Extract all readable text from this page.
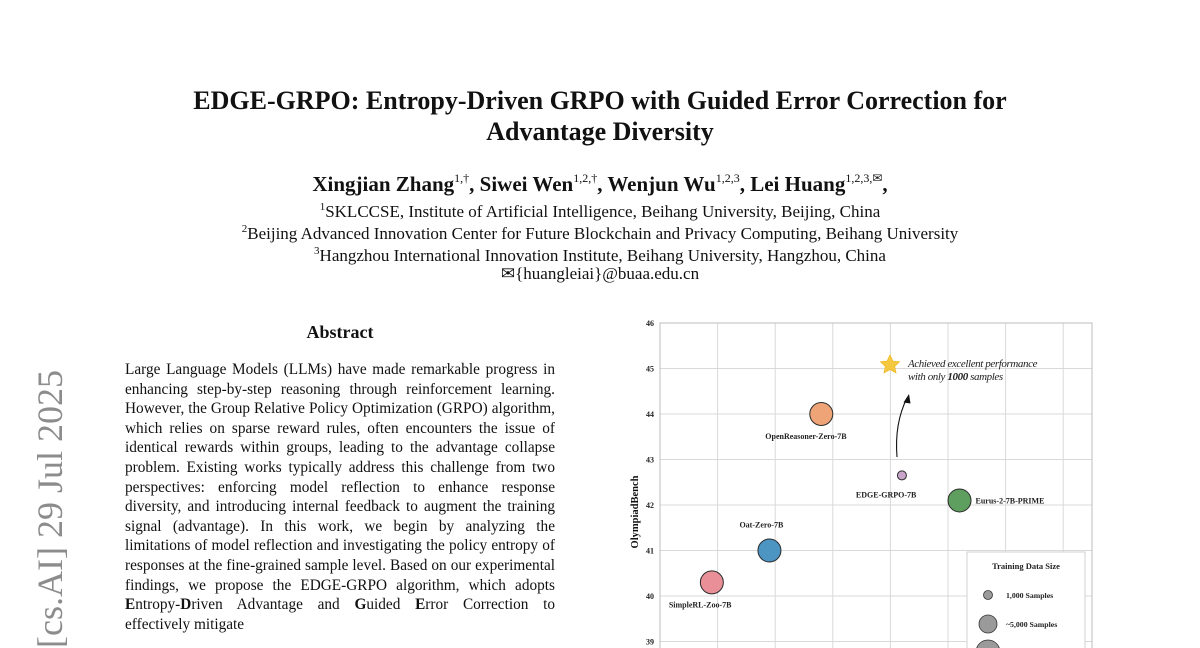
[cs.AI] 29 Jul 2025
EDGE-GRPO: Entropy-Driven GRPO with Guided Error Correction for
Advantage Diversity
Xingjian Zhang$^{1,\dagger}$, Siwei Wen$^{1,2,\dagger}$, Wenjun Wu$^{1,2,3}$, Lei Huang$^{1,2,3,✉}$,
$^1$SKLCCSE, Institute of Artificial Intelligence, Beihang University, Beijing, China
$^2$Beijing Advanced Innovation Center for Future Blockchain and Privacy Computing, Beihang University
$^3$Hangzhou International Innovation Institute, Beihang University, Hangzhou, China
✉{huangleiai}@buaa.edu.cn
Abstract
Large Language Models (LLMs) have made remarkable progress in enhancing step-by-step reasoning through reinforcement learning. However, the Group Relative Policy Optimization (GRPO) algorithm, which relies on sparse reward rules, often encounters the issue of identical rewards within groups, leading to the advantage collapse problem. Existing works typically address this challenge from two perspectives: enforcing model reflection to enhance response diversity, and introducing internal feedback to augment the training signal (advantage). In this work, we begin by analyzing the limitations of model reflection and investigating the policy entropy of responses at the fine-grained sample level. Based on our experimental findings, we propose the EDGE-GRPO algorithm, which adopts Entropy-Driven Advantage and Guided Error Correction to effectively mitigate
46
45
44
43
42
41
40
39
OlympiadBench
Achieved excellent performance
with only 1000 samples
OpenReasoner-Zero-7B
EDGE-GRPO-7B
Eurus-2-7B-PRIME
Oat-Zero-7B
SimpleRL-Zoo-7B
Training Data Size
1,000 Samples
~5,000 Samples
